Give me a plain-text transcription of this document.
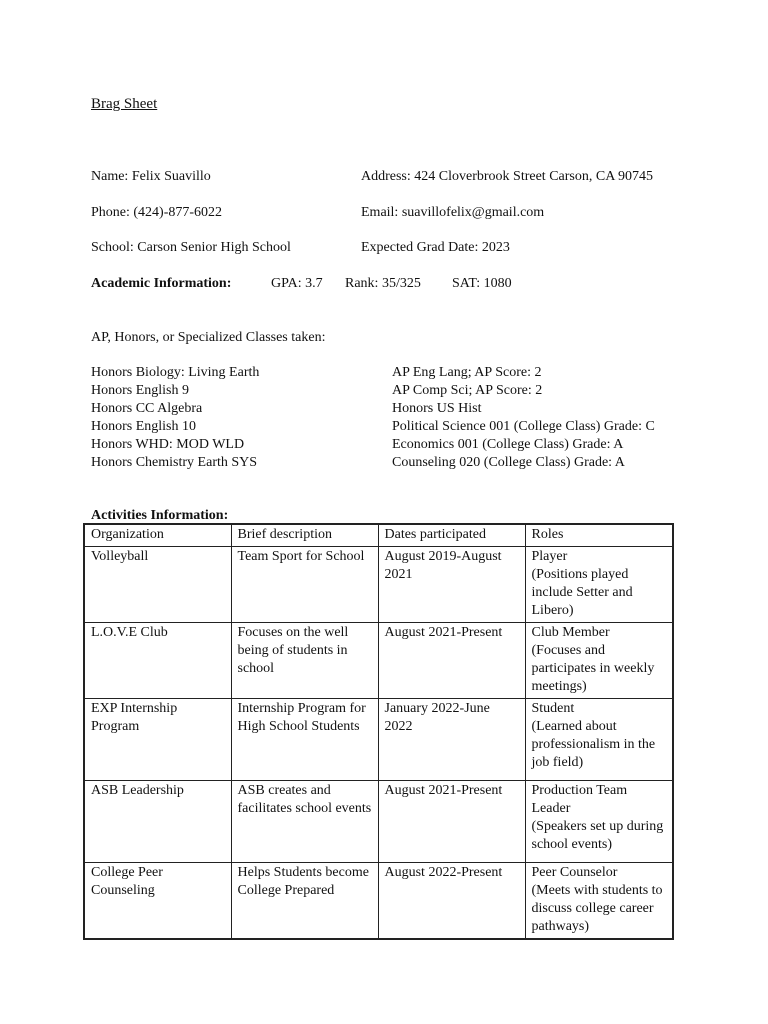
Brag Sheet
Name: Felix Suavillo	Address: 424 Cloverbrook Street Carson, CA 90745
Phone: (424)-877-6022	Email: suavillofelix@gmail.com
School: Carson Senior High School	Expected Grad Date: 2023
Academic Information:	GPA: 3.7 Rank: 35/325 SAT: 1080
AP, Honors, or Specialized Classes taken:
Honors Biology: Living Earth
Honors English 9
Honors CC Algebra
Honors English 10
Honors WHD: MOD WLD
Honors Chemistry Earth SYS
AP Eng Lang; AP Score: 2
AP Comp Sci; AP Score: 2
Honors US Hist
Political Science 001 (College Class) Grade: C
Economics 001 (College Class) Grade: A
Counseling 020 (College Class) Grade: A
Activities Information:
Organization	Brief description	Dates participated	Roles
Volleyball	Team Sport for School	August 2019-August 2021	Player
(Positions played include Setter and Libero)
L.O.V.E Club	Focuses on the well being of students in school	August 2021-Present	Club Member
(Focuses and participates in weekly meetings)
EXP Internship Program	Internship Program for High School Students	January 2022-June 2022	Student
(Learned about professionalism in the job field)
ASB Leadership	ASB creates and facilitates school events	August 2021-Present	Production Team Leader
(Speakers set up during school events)
College Peer Counseling	Helps Students become College Prepared	August 2022-Present	Peer Counselor
(Meets with students to discuss college career pathways)
